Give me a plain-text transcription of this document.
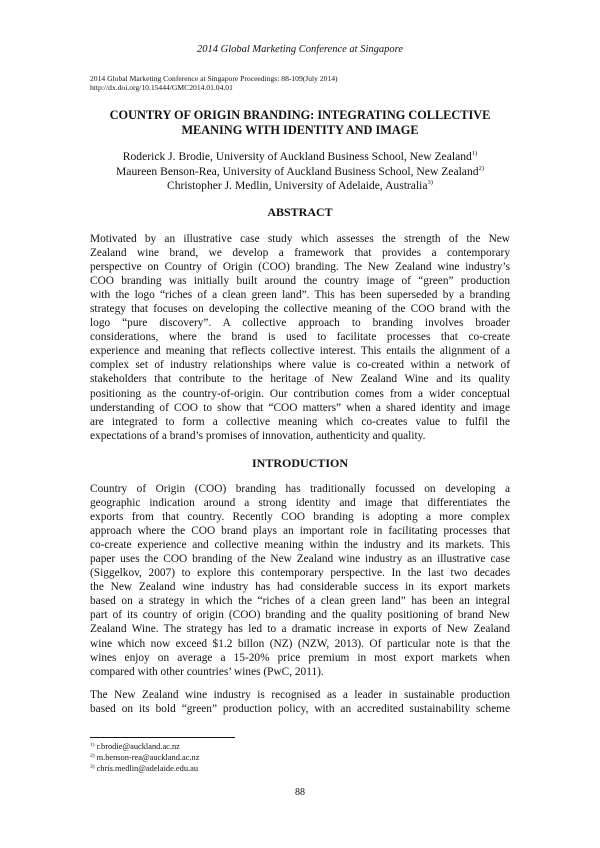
2014 Global Marketing Conference at Singapore
2014 Global Marketing Conference at Singapore Proceedings: 88-109(July 2014)
http://dx.doi.org/10.15444/GMC2014.01.04.01
COUNTRY OF ORIGIN BRANDING: INTEGRATING COLLECTIVE
MEANING WITH IDENTITY AND IMAGE
Roderick J. Brodie, University of Auckland Business School, New Zealand$^{1)}$
Maureen Benson-Rea, University of Auckland Business School, New Zealand$^{2)}$
Christopher J. Medlin, University of Adelaide, Australia$^{3)}$
ABSTRACT
Motivated by an illustrative case study which assesses the strength of the New
Zealand wine brand, we develop a framework that provides a contemporary
perspective on Country of Origin (COO) branding. The New Zealand wine industry’s
COO branding was initially built around the country image of “green” production
with the logo “riches of a clean green land”. This has been superseded by a branding
strategy that focuses on developing the collective meaning of the COO brand with the
logo “pure discovery”. A collective approach to branding involves broader
considerations, where the brand is used to facilitate processes that co-create
experience and meaning that reflects collective interest. This entails the alignment of a
complex set of industry relationships where value is co-created within a network of
stakeholders that contribute to the heritage of New Zealand Wine and its quality
positioning as the country-of-origin. Our contribution comes from a wider conceptual
understanding of COO to show that “COO matters” when a shared identity and image
are integrated to form a collective meaning which co-creates value to fulfil the
expectations of a brand’s promises of innovation, authenticity and quality.
INTRODUCTION
Country of Origin (COO) branding has traditionally focussed on developing a
geographic indication around a strong identity and image that differentiates the
exports from that country. Recently COO branding is adopting a more complex
approach where the COO brand plays an important role in facilitating processes that
co-create experience and collective meaning within the industry and its markets. This
paper uses the COO branding of the New Zealand wine industry as an illustrative case
(Siggelkov, 2007) to explore this contemporary perspective. In the last two decades
the New Zealand wine industry has had considerable success in its export markets
based on a strategy in which the “riches of a clean green land” has been an integral
part of its country of origin (COO) branding and the quality positioning of brand New
Zealand Wine. The strategy has led to a dramatic increase in exports of New Zealand
wine which now exceed $1.2 billon (NZ) (NZW, 2013). Of particular note is that the
wines enjoy on average a 15-20% price premium in most export markets when
compared with other countries’ wines (PwC, 2011).
The New Zealand wine industry is recognised as a leader in sustainable production
based on its bold “green” production policy, with an accredited sustainability scheme
$^{1)}$ r.brodie@auckland.ac.nz
$^{2)}$ m.benson-rea@auckland.ac.nz
$^{3)}$ chris.medlin@adelaide.edu.au
88
